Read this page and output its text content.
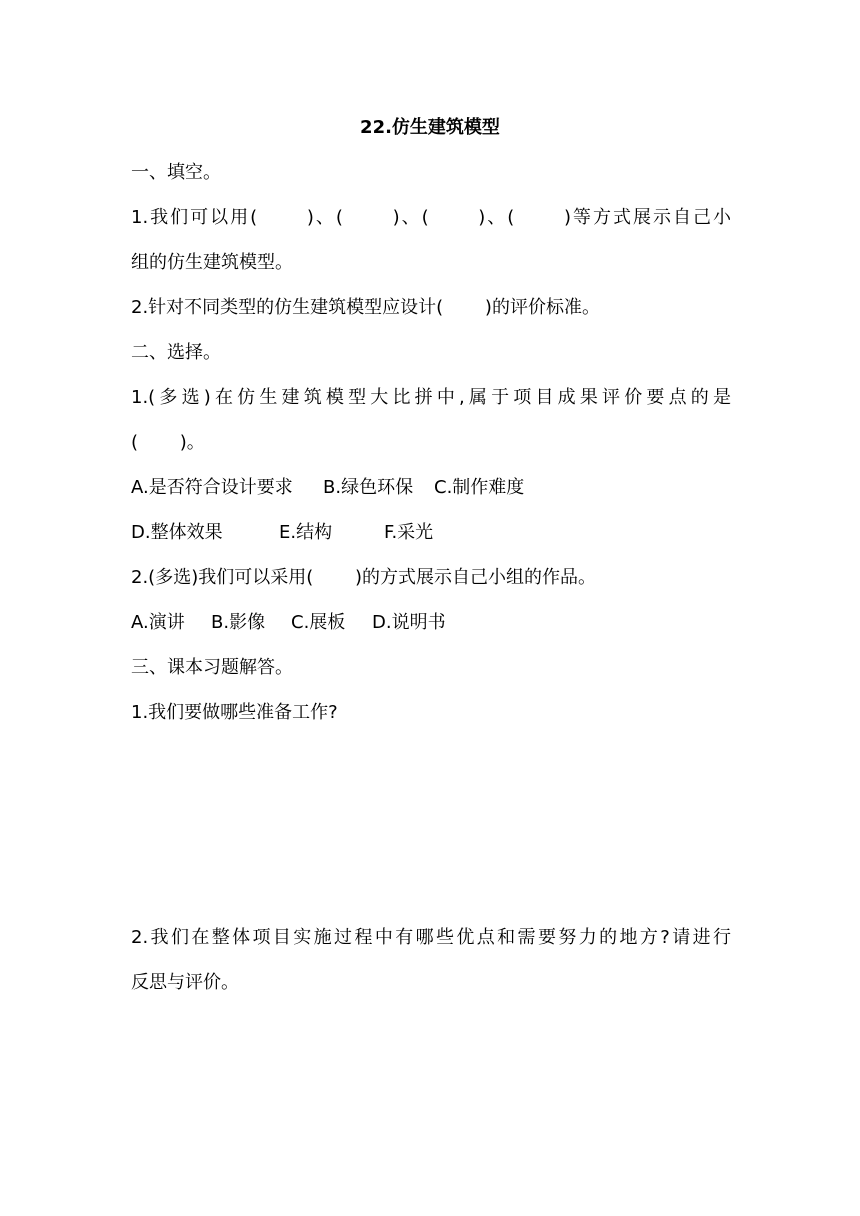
22.仿生建筑模型
一、填空。
1.我们可以用(　　 )、(　　 )、(　　 )、(　　 )等方式展示自己小
组的仿生建筑模型。
2.针对不同类型的仿生建筑模型应设计(　　 )的评价标准。
二、选择。
1.(多选)在仿生建筑模型大比拼中,属于项目成果评价要点的是
(　　 )。
A.是否符合设计要求 B.绿色环保 C.制作难度
D.整体效果	E.结构	F.采光
2.(多选)我们可以采用(　　 )的方式展示自己小组的作品。
A.演讲 B.影像 C.展板 D.说明书
三、课本习题解答。
1.我们要做哪些准备工作?
2.我们在整体项目实施过程中有哪些优点和需要努力的地方?请进行
反思与评价。
